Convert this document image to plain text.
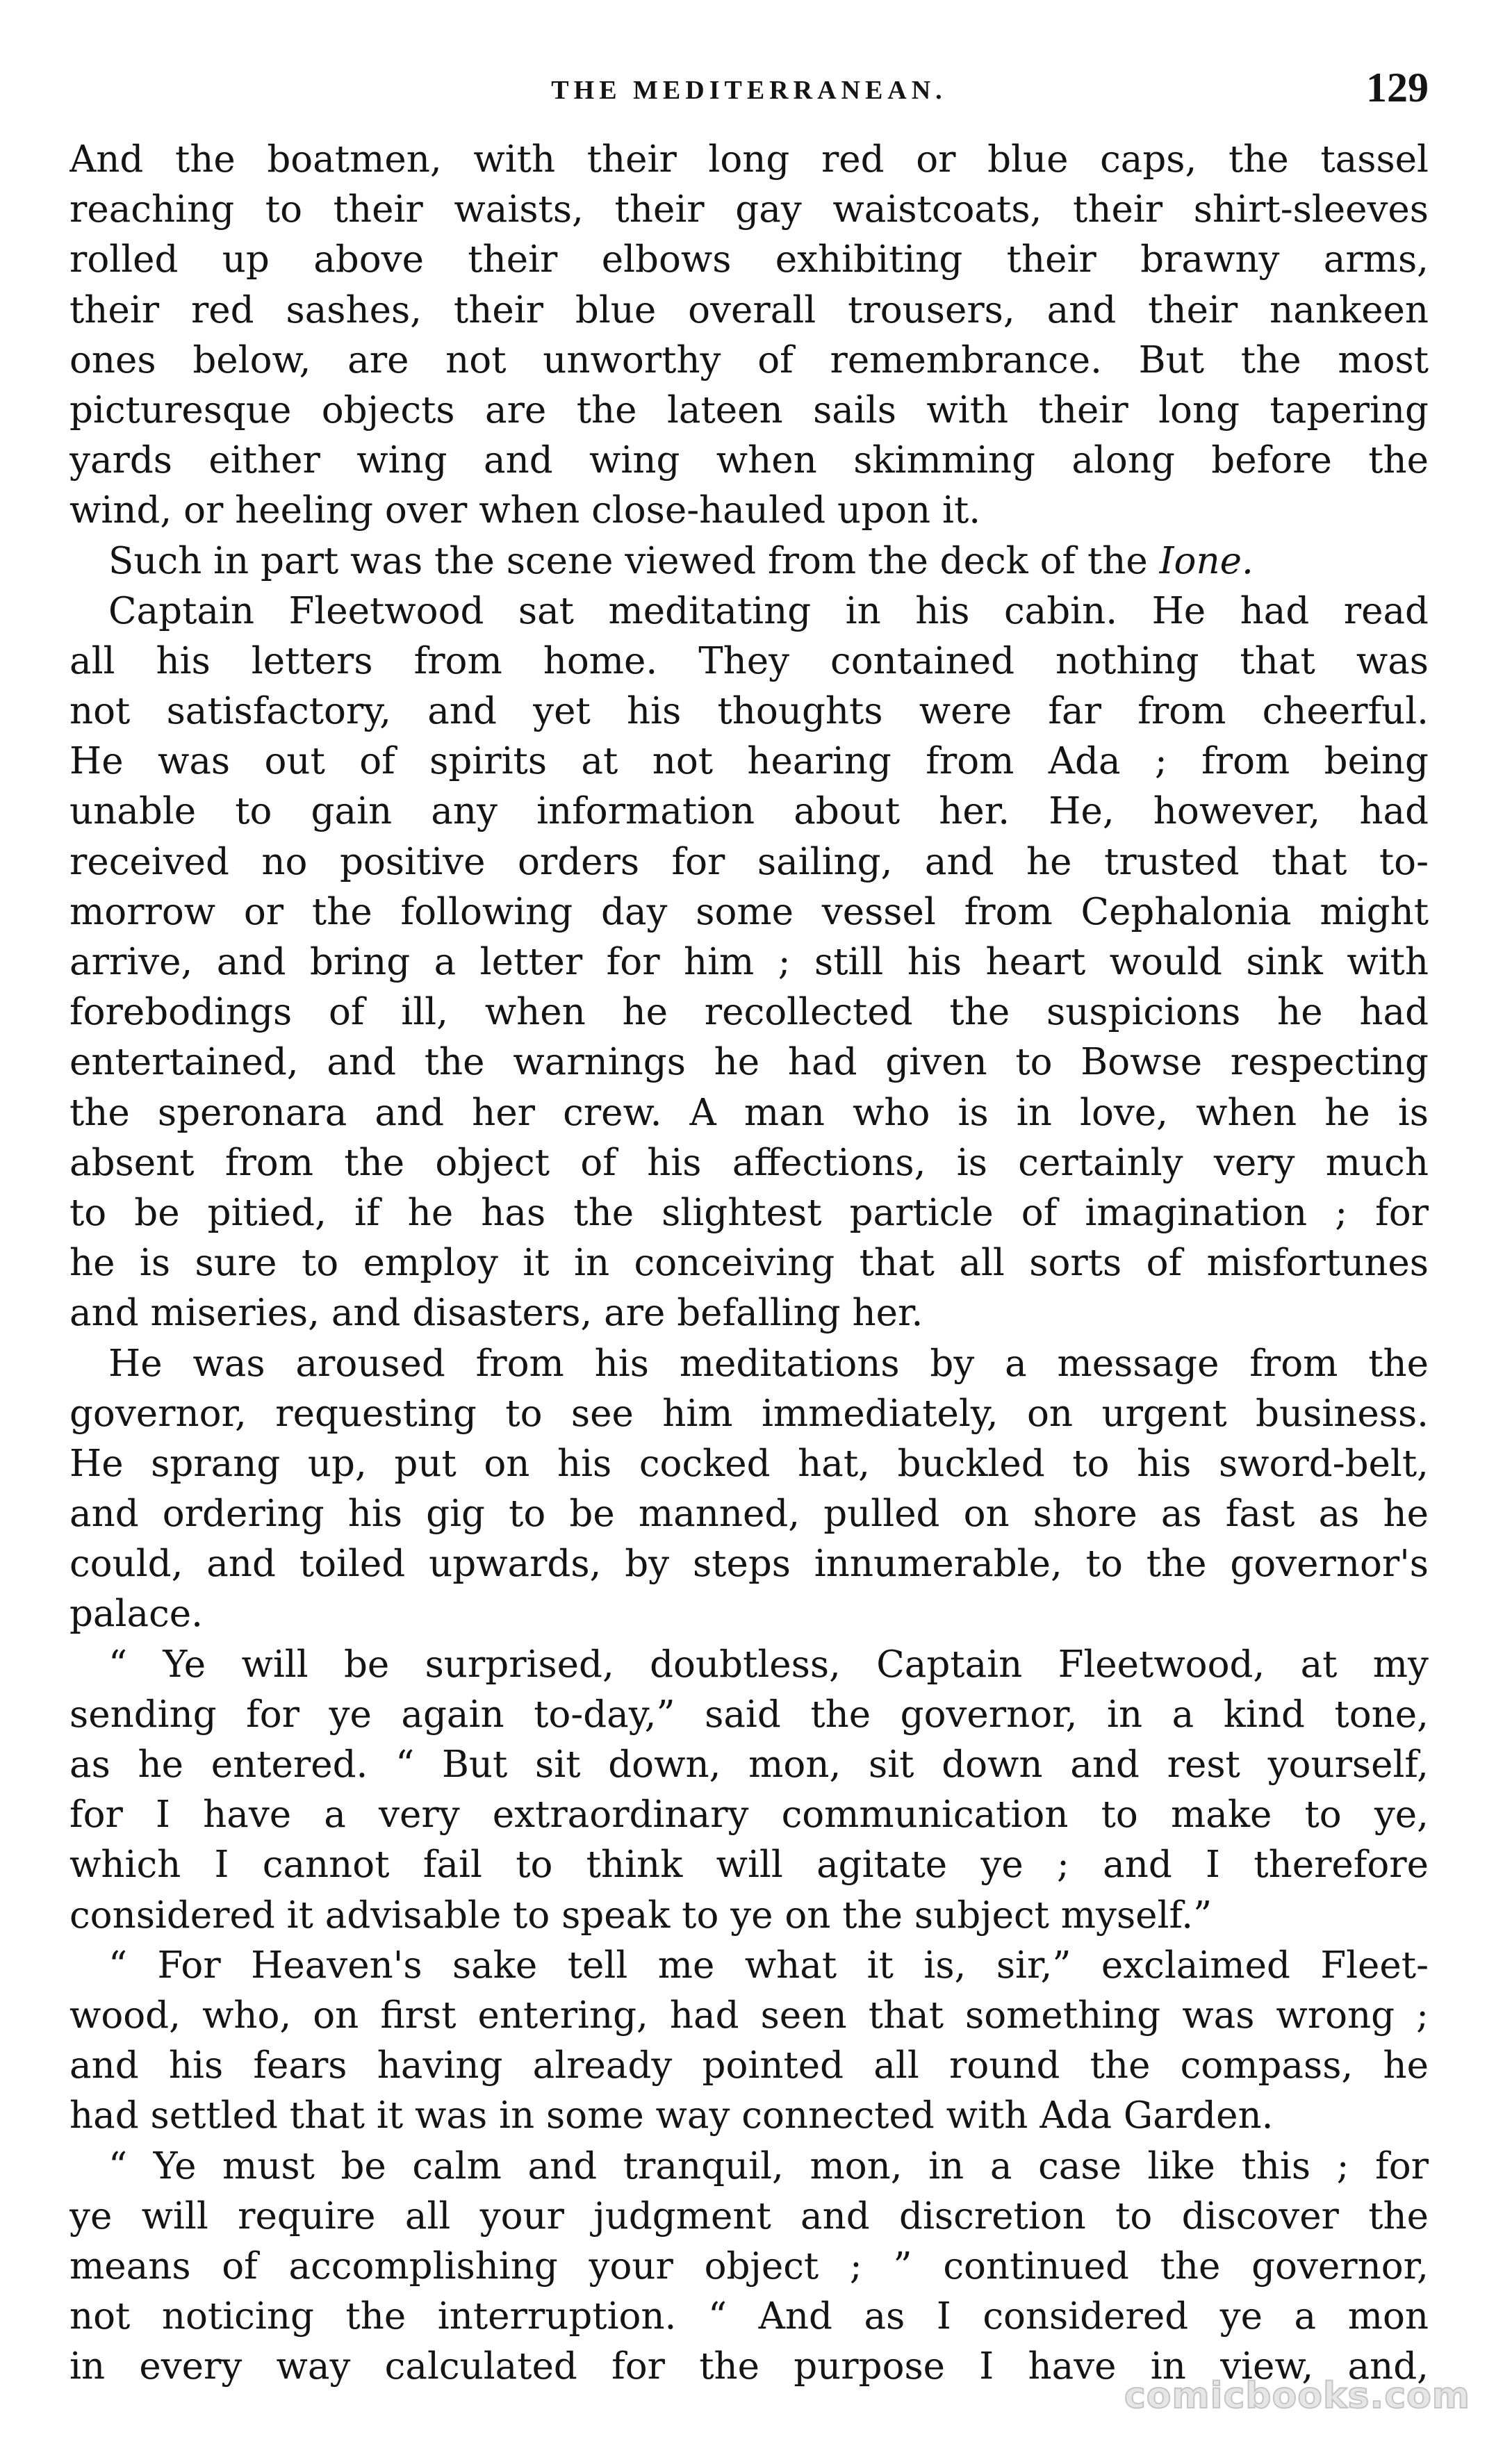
THE MEDITERRANEAN.	129
And the boatmen, with their long red or blue caps, the tassel
reaching to their waists, their gay waistcoats, their shirt-sleeves
rolled up above their elbows exhibiting their brawny arms,
their red sashes, their blue overall trousers, and their nankeen
ones below, are not unworthy of remembrance. But the most
picturesque objects are the lateen sails with their long tapering
yards either wing and wing when skimming along before the
wind, or heeling over when close-hauled upon it.
Such in part was the scene viewed from the deck of the Ione.
Captain Fleetwood sat meditating in his cabin. He had read
all his letters from home. They contained nothing that was
not satisfactory, and yet his thoughts were far from cheerful.
He was out of spirits at not hearing from Ada ; from being
unable to gain any information about her. He, however, had
received no positive orders for sailing, and he trusted that to-
morrow or the following day some vessel from Cephalonia might
arrive, and bring a letter for him ; still his heart would sink with
forebodings of ill, when he recollected the suspicions he had
entertained, and the warnings he had given to Bowse respecting
the speronara and her crew. A man who is in love, when he is
absent from the object of his affections, is certainly very much
to be pitied, if he has the slightest particle of imagination ; for
he is sure to employ it in conceiving that all sorts of misfortunes
and miseries, and disasters, are befalling her.
He was aroused from his meditations by a message from the
governor, requesting to see him immediately, on urgent business.
He sprang up, put on his cocked hat, buckled to his sword-belt,
and ordering his gig to be manned, pulled on shore as fast as he
could, and toiled upwards, by steps innumerable, to the governor's
palace.
“ Ye will be surprised, doubtless, Captain Fleetwood, at my
sending for ye again to-day,” said the governor, in a kind tone,
as he entered. “ But sit down, mon, sit down and rest yourself,
for I have a very extraordinary communication to make to ye,
which I cannot fail to think will agitate ye ; and I therefore
considered it advisable to speak to ye on the subject myself.”
“ For Heaven's sake tell me what it is, sir,” exclaimed Fleet-
wood, who, on first entering, had seen that something was wrong ;
and his fears having already pointed all round the compass, he
had settled that it was in some way connected with Ada Garden.
“ Ye must be calm and tranquil, mon, in a case like this ; for
ye will require all your judgment and discretion to discover the
means of accomplishing your object ; ” continued the governor,
not noticing the interruption. “ And as I considered ye a mon
in every way calculated for the purpose I have in view, and,
comicbooks.com
